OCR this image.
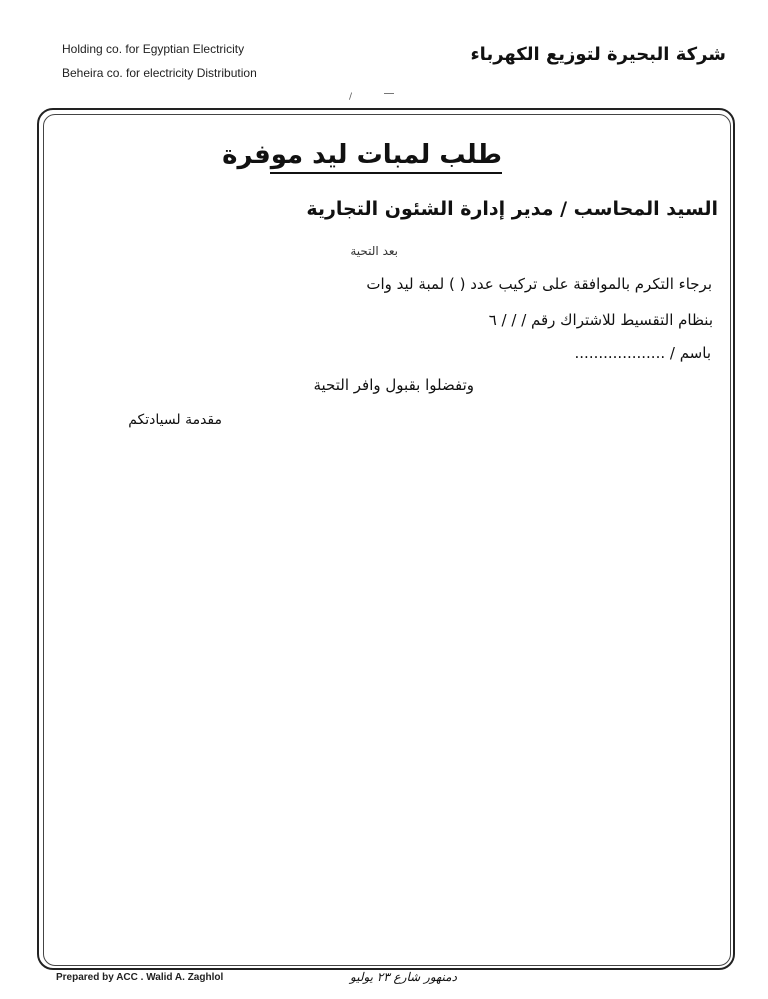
Holding co. for Egyptian Electricity
Beheira co. for electricity Distribution
شركة البحيرة لتوزيع الكهرباء
/
طلب لمبات ليد موفرة
السيد المحاسب / مدير إدارة الشئون التجارية
بعد التحية
برجاء التكرم بالموافقة على تركيب عدد ( ) لمبة ليد وات
بنظام التقسيط للاشتراك رقم / / / ٦
باسم / ...................
وتفضلوا بقبول وافر التحية
مقدمة لسيادتكم
Prepared by ACC . Walid A. Zaghlol	دمنهور شارع ٢٣ يوليو
